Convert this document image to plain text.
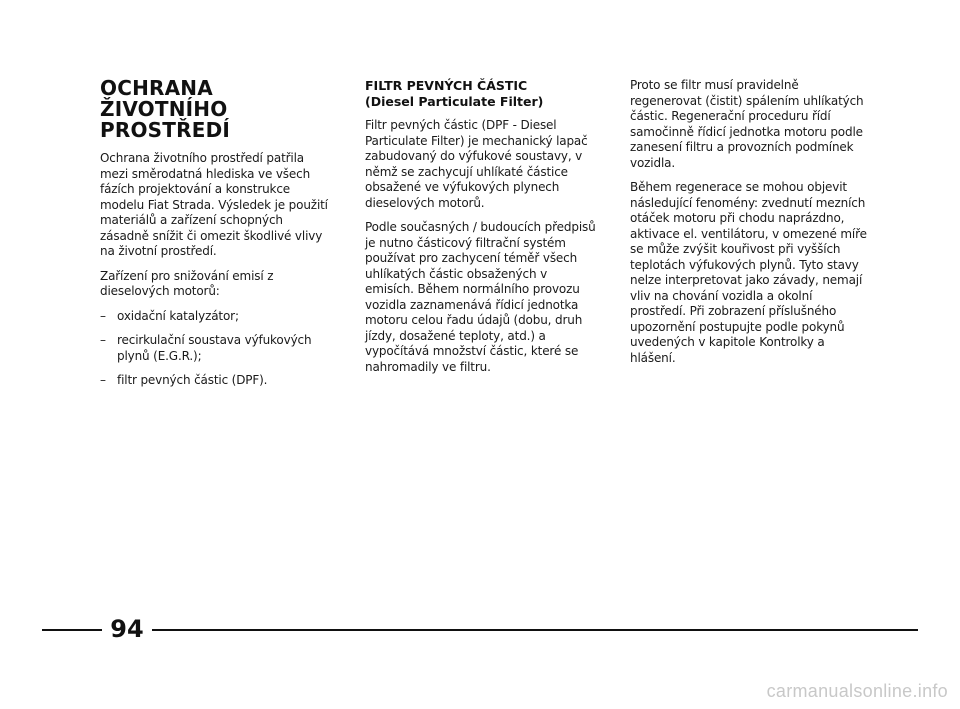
OCHRANA ŽIVOTNÍHO
PROSTŘEDÍ

Ochrana životního prostředí patřila mezi směrodatná hlediska ve všech fázích projektování a konstrukce modelu Fiat Strada. Výsledek je použití materiálů a zařízení schopných zásadně snížit či omezit škodlivé vlivy na životní prostředí.

Zařízení pro snižování emisí z dieselových motorů:

– oxidační katalyzátor;
– recirkulační soustava výfukových plynů (E.G.R.);
– filtr pevných částic (DPF).
FILTR PEVNÝCH ČÁSTIC
(Diesel Particulate Filter)

Filtr pevných částic (DPF - Diesel Particulate Filter) je mechanický lapač zabudovaný do výfukové soustavy, v němž se zachycují uhlíkaté částice obsažené ve výfukových plynech dieselových motorů.

Podle současných / budoucích předpisů je nutno částicový filtrační systém používat pro zachycení téměř všech uhlíkatých částic obsažených v emisích. Během normálního provozu vozidla zaznamenává řídicí jednotka motoru celou řadu údajů (dobu, druh jízdy, dosažené teploty, atd.) a vypočítává množství částic, které se nahromadily ve filtru.

Proto se filtr musí pravidelně regenerovat (čistit) spálením uhlíkatých částic. Regenerační proceduru řídí samočinně řídicí jednotka motoru podle zanesení filtru a provozních podmínek vozidla.

Během regenerace se mohou objevit následující fenomény: zvednutí mezních otáček motoru při chodu naprázdno, aktivace el. ventilátoru, v omezené míře se může zvýšit kouřivost při vyšších teplotách výfukových plynů. Tyto stavy nelze interpretovat jako závady, nemají vliv na chování vozidla a okolní prostředí. Při zobrazení příslušného upozornění postupujte podle pokynů uvedených v kapitole Kontrolky a hlášení.

94
carmanualsonline.info
